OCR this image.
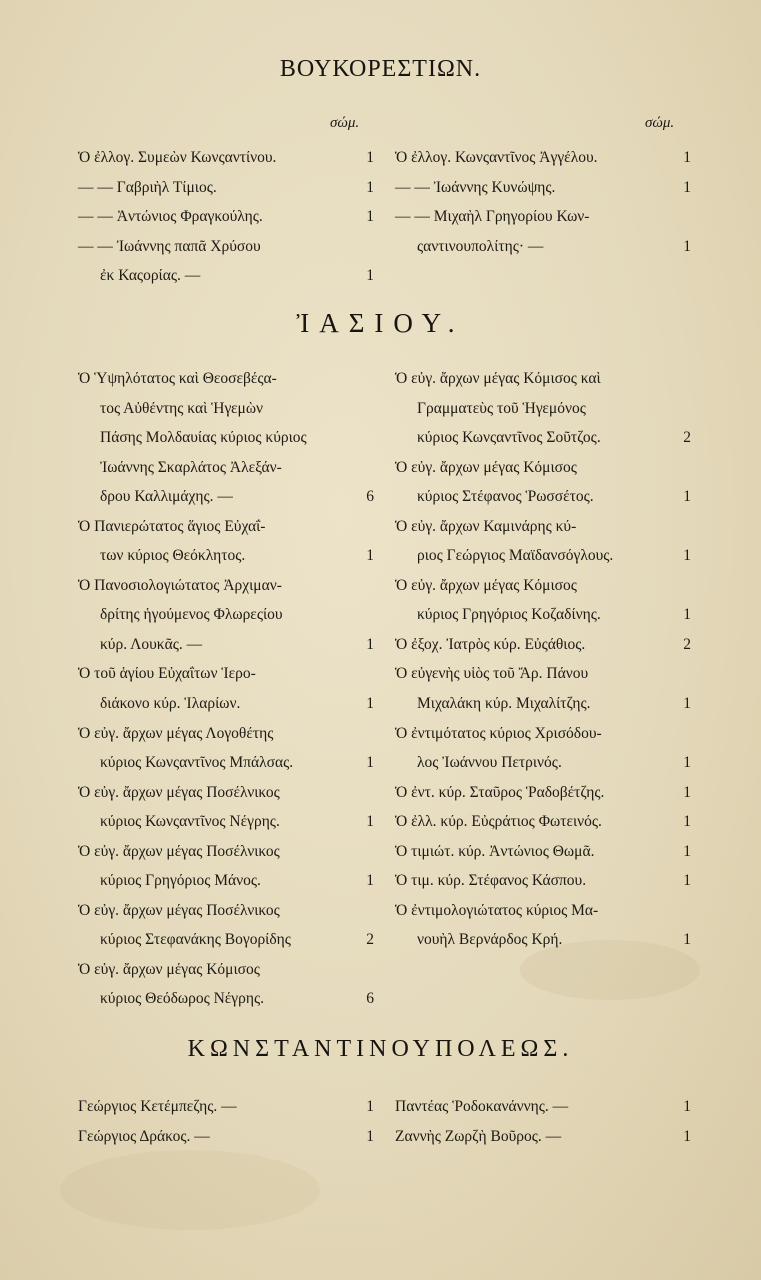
ΒΟΥΚΟΡΕΣΤΙΩΝ.
σώμ.	σώμ.
Ὁ ἐλλογ. Συμεὼν Κωνςαντίνου.	1
— — Γαβριὴλ Τίμιος.	1
— — Ἀντώνιος Φραγκούλης.	1
— — Ἰωάννης παπᾶ Χρύσου
ἐκ Καςορίας. —	1
Ὁ ἐλλογ. Κωνςαντῖνος Ἀγγέλου.	1
— — Ἰωάννης Κυνώψης.	1
— — Μιχαὴλ Γρηγορίου Κων-
ςαντινουπολίτης· —	1
ἸΑΣΙΟΥ.
Ὁ Ὑψηλότατος καὶ Θεοσεβέςα-
τος Αὐθέντης καὶ Ἡγεμὼν
Πάσης Μολδαυίας κύριος κύριος
Ἰωάννης Σκαρλάτος Ἀλεξάν-
δρου Καλλιμάχης. —	6
Ὁ Πανιερώτατος ἅγιος Εὐχαΐ-
των κύριος Θεόκλητος.	1
Ὁ Πανοσιολογιώτατος Ἀρχιμαν-
δρίτης ἡγούμενος Φλωρεςίου
κύρ. Λουκᾶς. —	1
Ὁ τοῦ ἁγίου Εὐχαΐτων Ἱερο-
διάκονο κύρ. Ἱλαρίων.	1
Ὁ εὐγ. ἄρχων μέγας Λογοθέτης
κύριος Κωνςαντῖνος Μπάλσας.	1
Ὁ εὐγ. ἄρχων μέγας Ποσέλνικος
κύριος Κωνςαντῖνος Νέγρης.	1
Ὁ εὐγ. ἄρχων μέγας Ποσέλνικος
κύριος Γρηγόριος Μάνος.	1
Ὁ εὐγ. ἄρχων μέγας Ποσέλνικος
κύριος Στεφανάκης Βογορίδης	2
Ὁ εὐγ. ἄρχων μέγας Κόμισος
κύριος Θεόδωρος Νέγρης.	6
Ὁ εὐγ. ἄρχων μέγας Κόμισος καὶ
Γραμματεὺς τοῦ Ἡγεμόνος
κύριος Κωνςαντῖνος Σοῦτζος.	2
Ὁ εὐγ. ἄρχων μέγας Κόμισος
κύριος Στέφανος Ῥωσσέτος.	1
Ὁ εὐγ. ἄρχων Καμινάρης κύ-
ριος Γεώργιος Μαϊδανσόγλους.	1
Ὁ εὐγ. ἄρχων μέγας Κόμισος
κύριος Γρηγόριος Κοζαδίνης.	1
Ὁ ἐξοχ. Ἰατρὸς κύρ. Εὐςάθιος.	2
Ὁ εὐγενὴς υἱὸς τοῦ Ἄρ. Πάνου
Μιχαλάκη κύρ. Μιχαλίτζης.	1
Ὁ ἐντιμότατος κύριος Χρισόδου-
λος Ἰωάννου Πετρινός.	1
Ὁ ἐντ. κύρ. Σταῦρος Ῥαδοβέτζης.	1
Ὁ ἐλλ. κύρ. Εὐςράτιος Φωτεινός.	1
Ὁ τιμιώτ. κύρ. Ἀντώνιος Θωμᾶ.	1
Ὁ τιμ. κύρ. Στέφανος Κάσπου.	1
Ὁ ἐντιμολογιώτατος κύριος Μα-
νουὴλ Βερνάρδος Κρή.	1
ΚΩΝΣΤΑΝΤΙΝΟΥΠΟΛΕΩΣ.
Γεώργιος Κετέμπεζης. —	1
Γεώργιος Δράκος. —	1
Παντέας Ῥοδοκανάννης. —	1
Ζαννὴς Ζωρζὴ Βοῦρος. —	1
